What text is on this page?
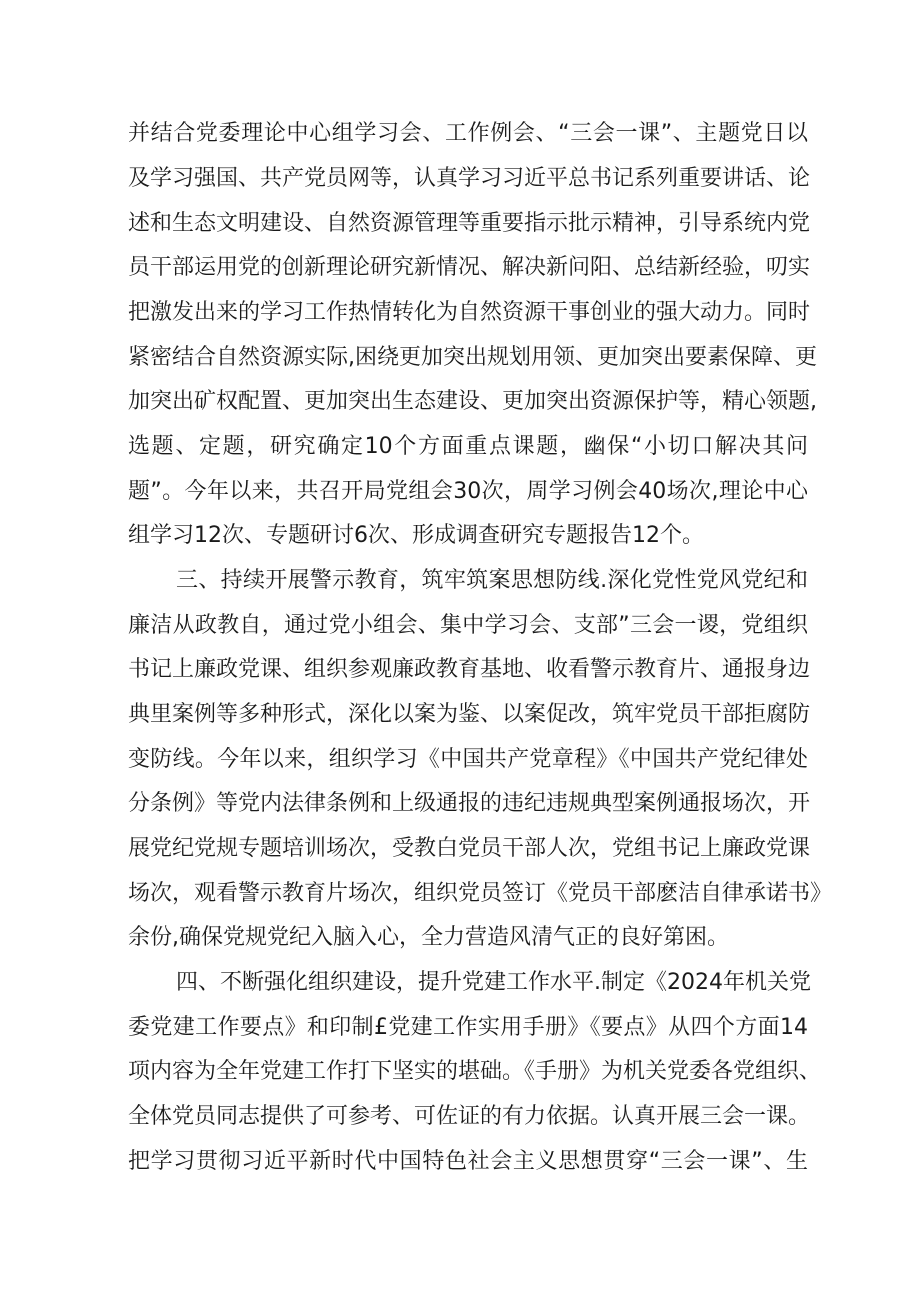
并结合党委理论中心组学习会、工作例会、“三会一课”、主题党日以
及学习强国、共产党员网等，认真学习习近平总书记系列重要讲话、论
述和生态文明建设、自然资源管理等重要指示批示精神，引导系统内党
员干部运用党的创新理论研究新情况、解决新问阳、总结新经验，叨实
把激发出来的学习工作热情转化为自然资源干事创业的强大动力。同时
紧密结合自然资源实际,困绕更加突出规划用领、更加突出要素保障、更
加突出矿权配置、更加突出生态建设、更加突出资源保护等，精心领题,
选题、定题，研究确定10个方面重点课题，幽保“小切口解决其问
题”。今年以来，共召开局党组会30次，周学习例会40场次,理论中心
组学习12次、专题研讨6次、形成调查研究专题报告12个。
三、持续开展警示教育，筑牢筑案思想防线.深化党性党风党纪和
廉洁从政教自，通过党小组会、集中学习会、支部”三会一谡，党组织
书记上廉政党课、组织参观廉政教育基地、收看警示教育片、通报身边
典里案例等多种形式，深化以案为鉴、以案促改，筑牢党员干部拒腐防
变防线。今年以来，组织学习《中国共产党章程》《中国共产党纪律处
分条例》等党内法律条例和上级通报的违纪违规典型案例通报场次，开
展党纪党规专题培训场次，受教白党员干部人次，党组书记上廉政党课
场次，观看警示教育片场次，组织党员签订《党员干部麽洁自律承诺书》
余份,确保党规党纪入脑入心，全力营造风清气正的良好第困。
四、不断强化组织建设，提升党建工作水平.制定《2024年机关党
委党建工作要点》和印制£党建工作实用手册》《要点》从四个方面14
项内容为全年党建工作打下坚实的堪础。《手册》为机关党委各党组织、
全体党员同志提供了可参考、可佐证的有力依据。认真开展三会一课。
把学习贯彻习近平新时代中国特色社会主义思想贯穿“三会一课”、生
